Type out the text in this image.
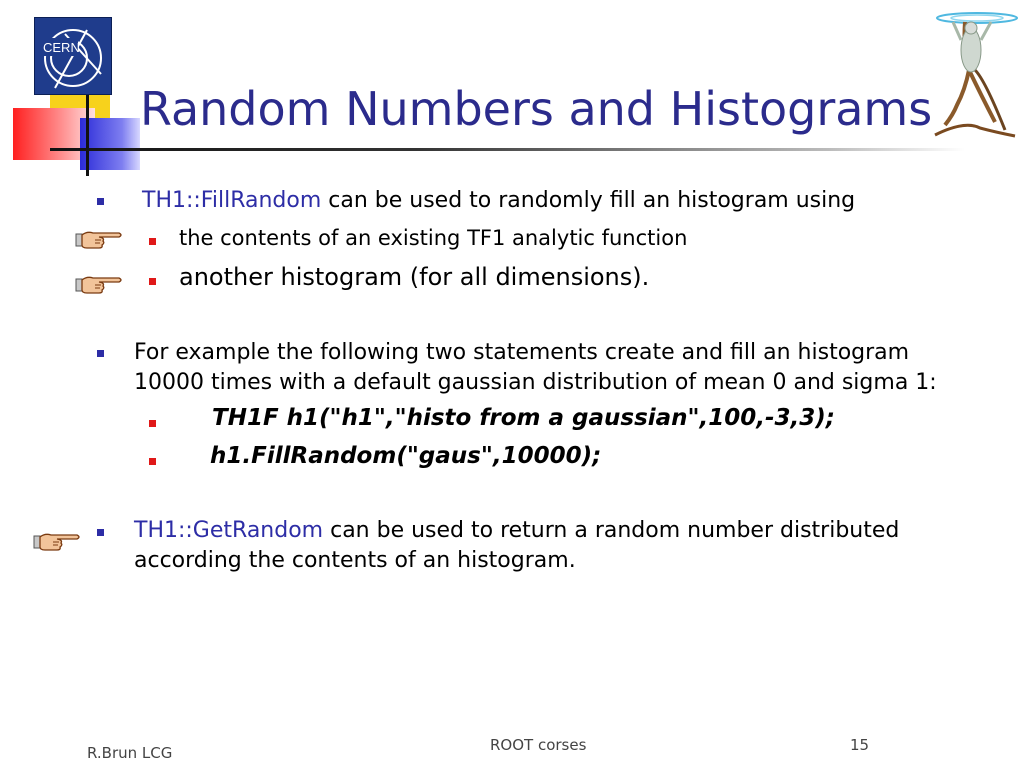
CERN
Random Numbers and Histograms
TH1::FillRandom can be used to randomly fill an histogram using
the contents of an existing TF1 analytic function
another histogram (for all dimensions).
For example the following two statements create and fill an histogram
10000 times with a default gaussian distribution of mean 0 and sigma 1:
TH1F h1("h1","histo from a gaussian",100,-3,3);
h1.FillRandom("gaus",10000);
TH1::GetRandom can be used to return a random number distributed
according the contents of an histogram.
R.Brun LCG	ROOT corses	15
